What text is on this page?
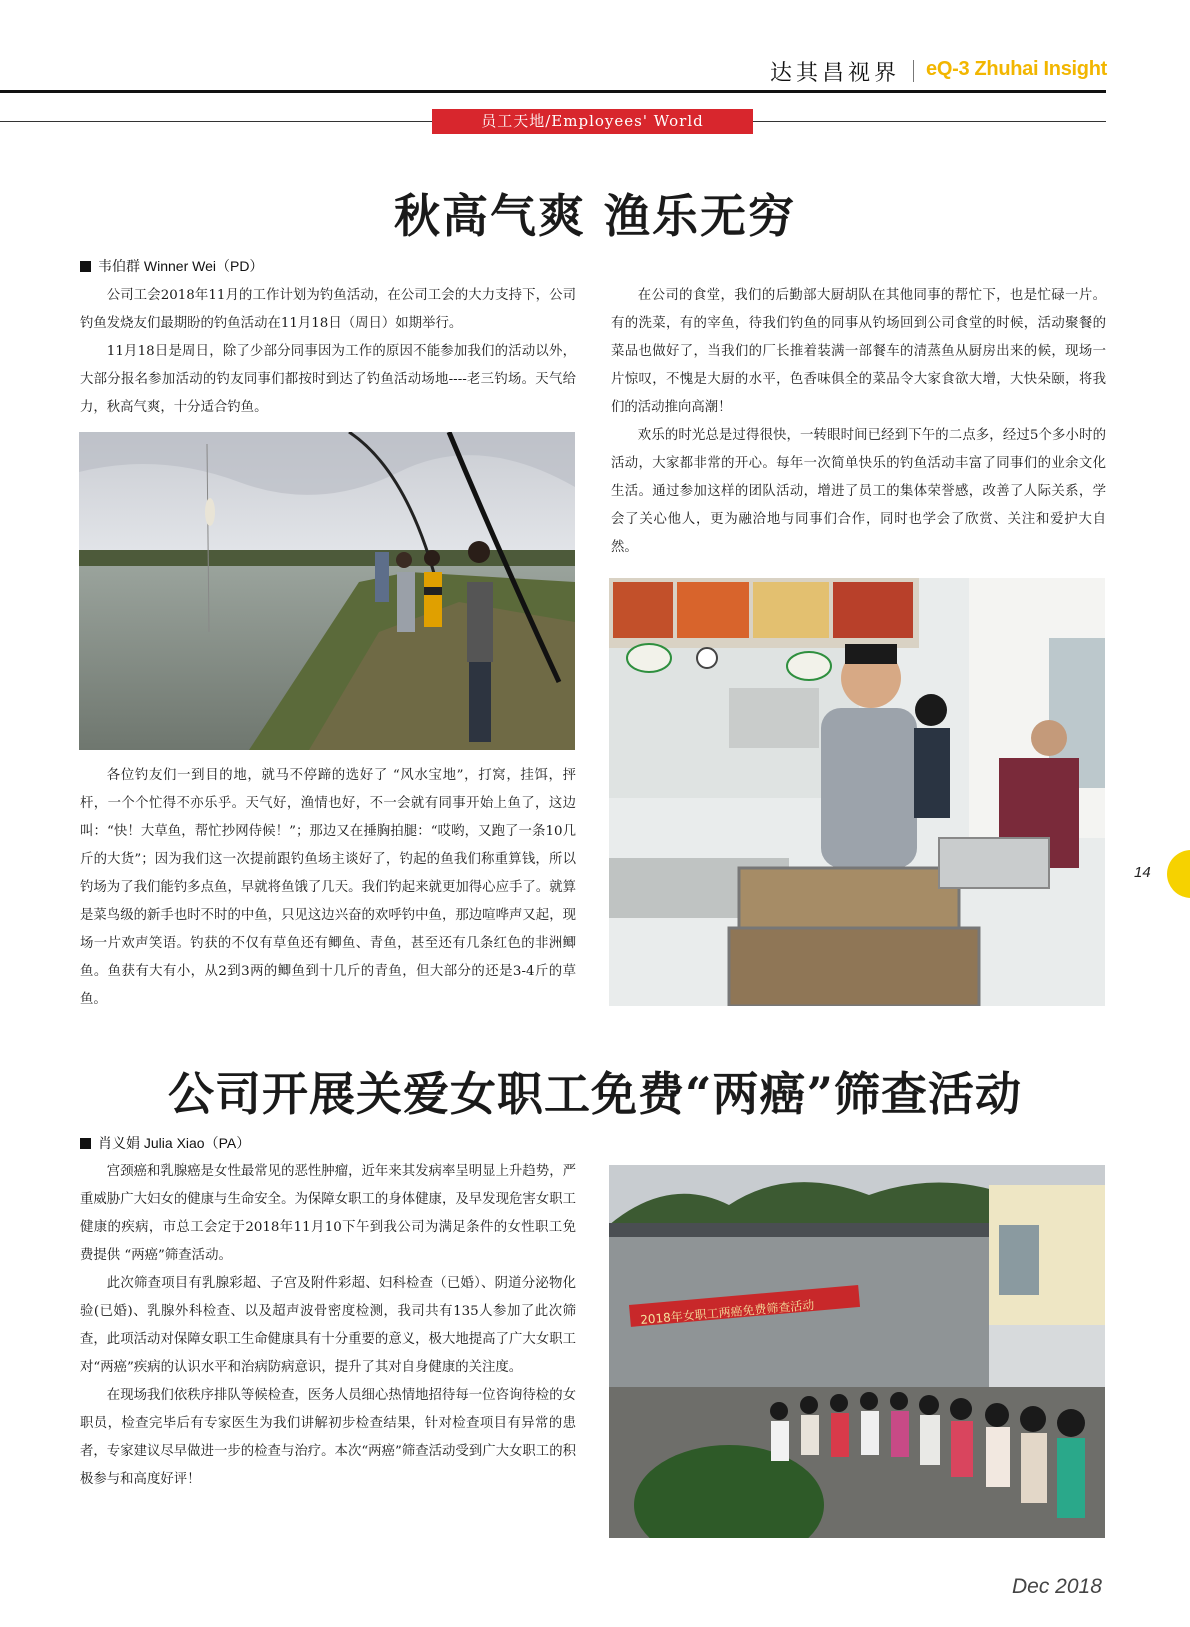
达其昌视界 eQ-3 Zhuhai Insight
员工天地/Employees' World
秋高气爽 渔乐无穷
韦伯群 Winner Wei（PD）

公司工会2018年11月的工作计划为钓鱼活动，在公司工会的大力支持下，公司钓鱼发烧友们最期盼的钓鱼活动在11月18日（周日）如期举行。

11月18日是周日，除了少部分同事因为工作的原因不能参加我们的活动以外，大部分报名参加活动的钓友同事们都按时到达了钓鱼活动场地----老三钓场。天气给力，秋高气爽，十分适合钓鱼。

各位钓友们一到目的地，就马不停蹄的选好了 “风水宝地”，打窝，挂饵，抨杆，一个个忙得不亦乐乎。天气好，渔情也好，不一会就有同事开始上鱼了，这边叫：“快！大草鱼，帮忙抄网侍候！”；那边又在捶胸拍腿：“哎哟，又跑了一条10几斤的大货”；因为我们这一次提前跟钓鱼场主谈好了，钓起的鱼我们称重算钱，所以钓场为了我们能钓多点鱼，早就将鱼饿了几天。我们钓起来就更加得心应手了。就算是菜鸟级的新手也时不时的中鱼，只见这边兴奋的欢呼钓中鱼，那边喧哗声又起，现场一片欢声笑语。钓获的不仅有草鱼还有鲫鱼、青鱼，甚至还有几条红色的非洲鲫鱼。鱼获有大有小，从2到3两的鲫鱼到十几斤的青鱼，但大部分的还是3-4斤的草鱼。

在公司的食堂，我们的后勤部大厨胡队在其他同事的帮忙下，也是忙碌一片。有的洗菜，有的宰鱼，待我们钓鱼的同事从钓场回到公司食堂的时候，活动聚餐的菜品也做好了，当我们的厂长推着装满一部餐车的清蒸鱼从厨房出来的候，现场一片惊叹，不愧是大厨的水平，色香味俱全的菜品令大家食欲大增，大快朵颐，将我们的活动推向高潮！

欢乐的时光总是过得很快，一转眼时间已经到下午的二点多，经过5个多小时的活动，大家都非常的开心。每年一次简单快乐的钓鱼活动丰富了同事们的业余文化生活。通过参加这样的团队活动，增进了员工的集体荣誉感，改善了人际关系，学会了关心他人，更为融洽地与同事们合作，同时也学会了欣赏、关注和爱护大自然。

公司开展关爱女职工免费“两癌”筛查活动
肖义娟 Julia Xiao（PA）

宫颈癌和乳腺癌是女性最常见的恶性肿瘤，近年来其发病率呈明显上升趋势，严重威胁广大妇女的健康与生命安全。为保障女职工的身体健康，及早发现危害女职工健康的疾病，市总工会定于2018年11月10下午到我公司为满足条件的女性职工免费提供 “两癌”筛查活动。

此次筛查项目有乳腺彩超、子宫及附件彩超、妇科检查（已婚）、阴道分泌物化验(已婚)、乳腺外科检查、以及超声波骨密度检测，我司共有135人参加了此次筛查，此项活动对保障女职工生命健康具有十分重要的意义，极大地提高了广大女职工对“两癌”疾病的认识水平和治病防病意识，提升了其对自身健康的关注度。

在现场我们依秩序排队等候检查，医务人员细心热情地招待每一位咨询待检的女职员，检查完毕后有专家医生为我们讲解初步检查结果，针对检查项目有异常的患者，专家建议尽早做进一步的检查与治疗。本次“两癌”筛查活动受到广大女职工的积极参与和高度好评！

2018年女职工两癌免费筛查活动
14
Dec 2018
